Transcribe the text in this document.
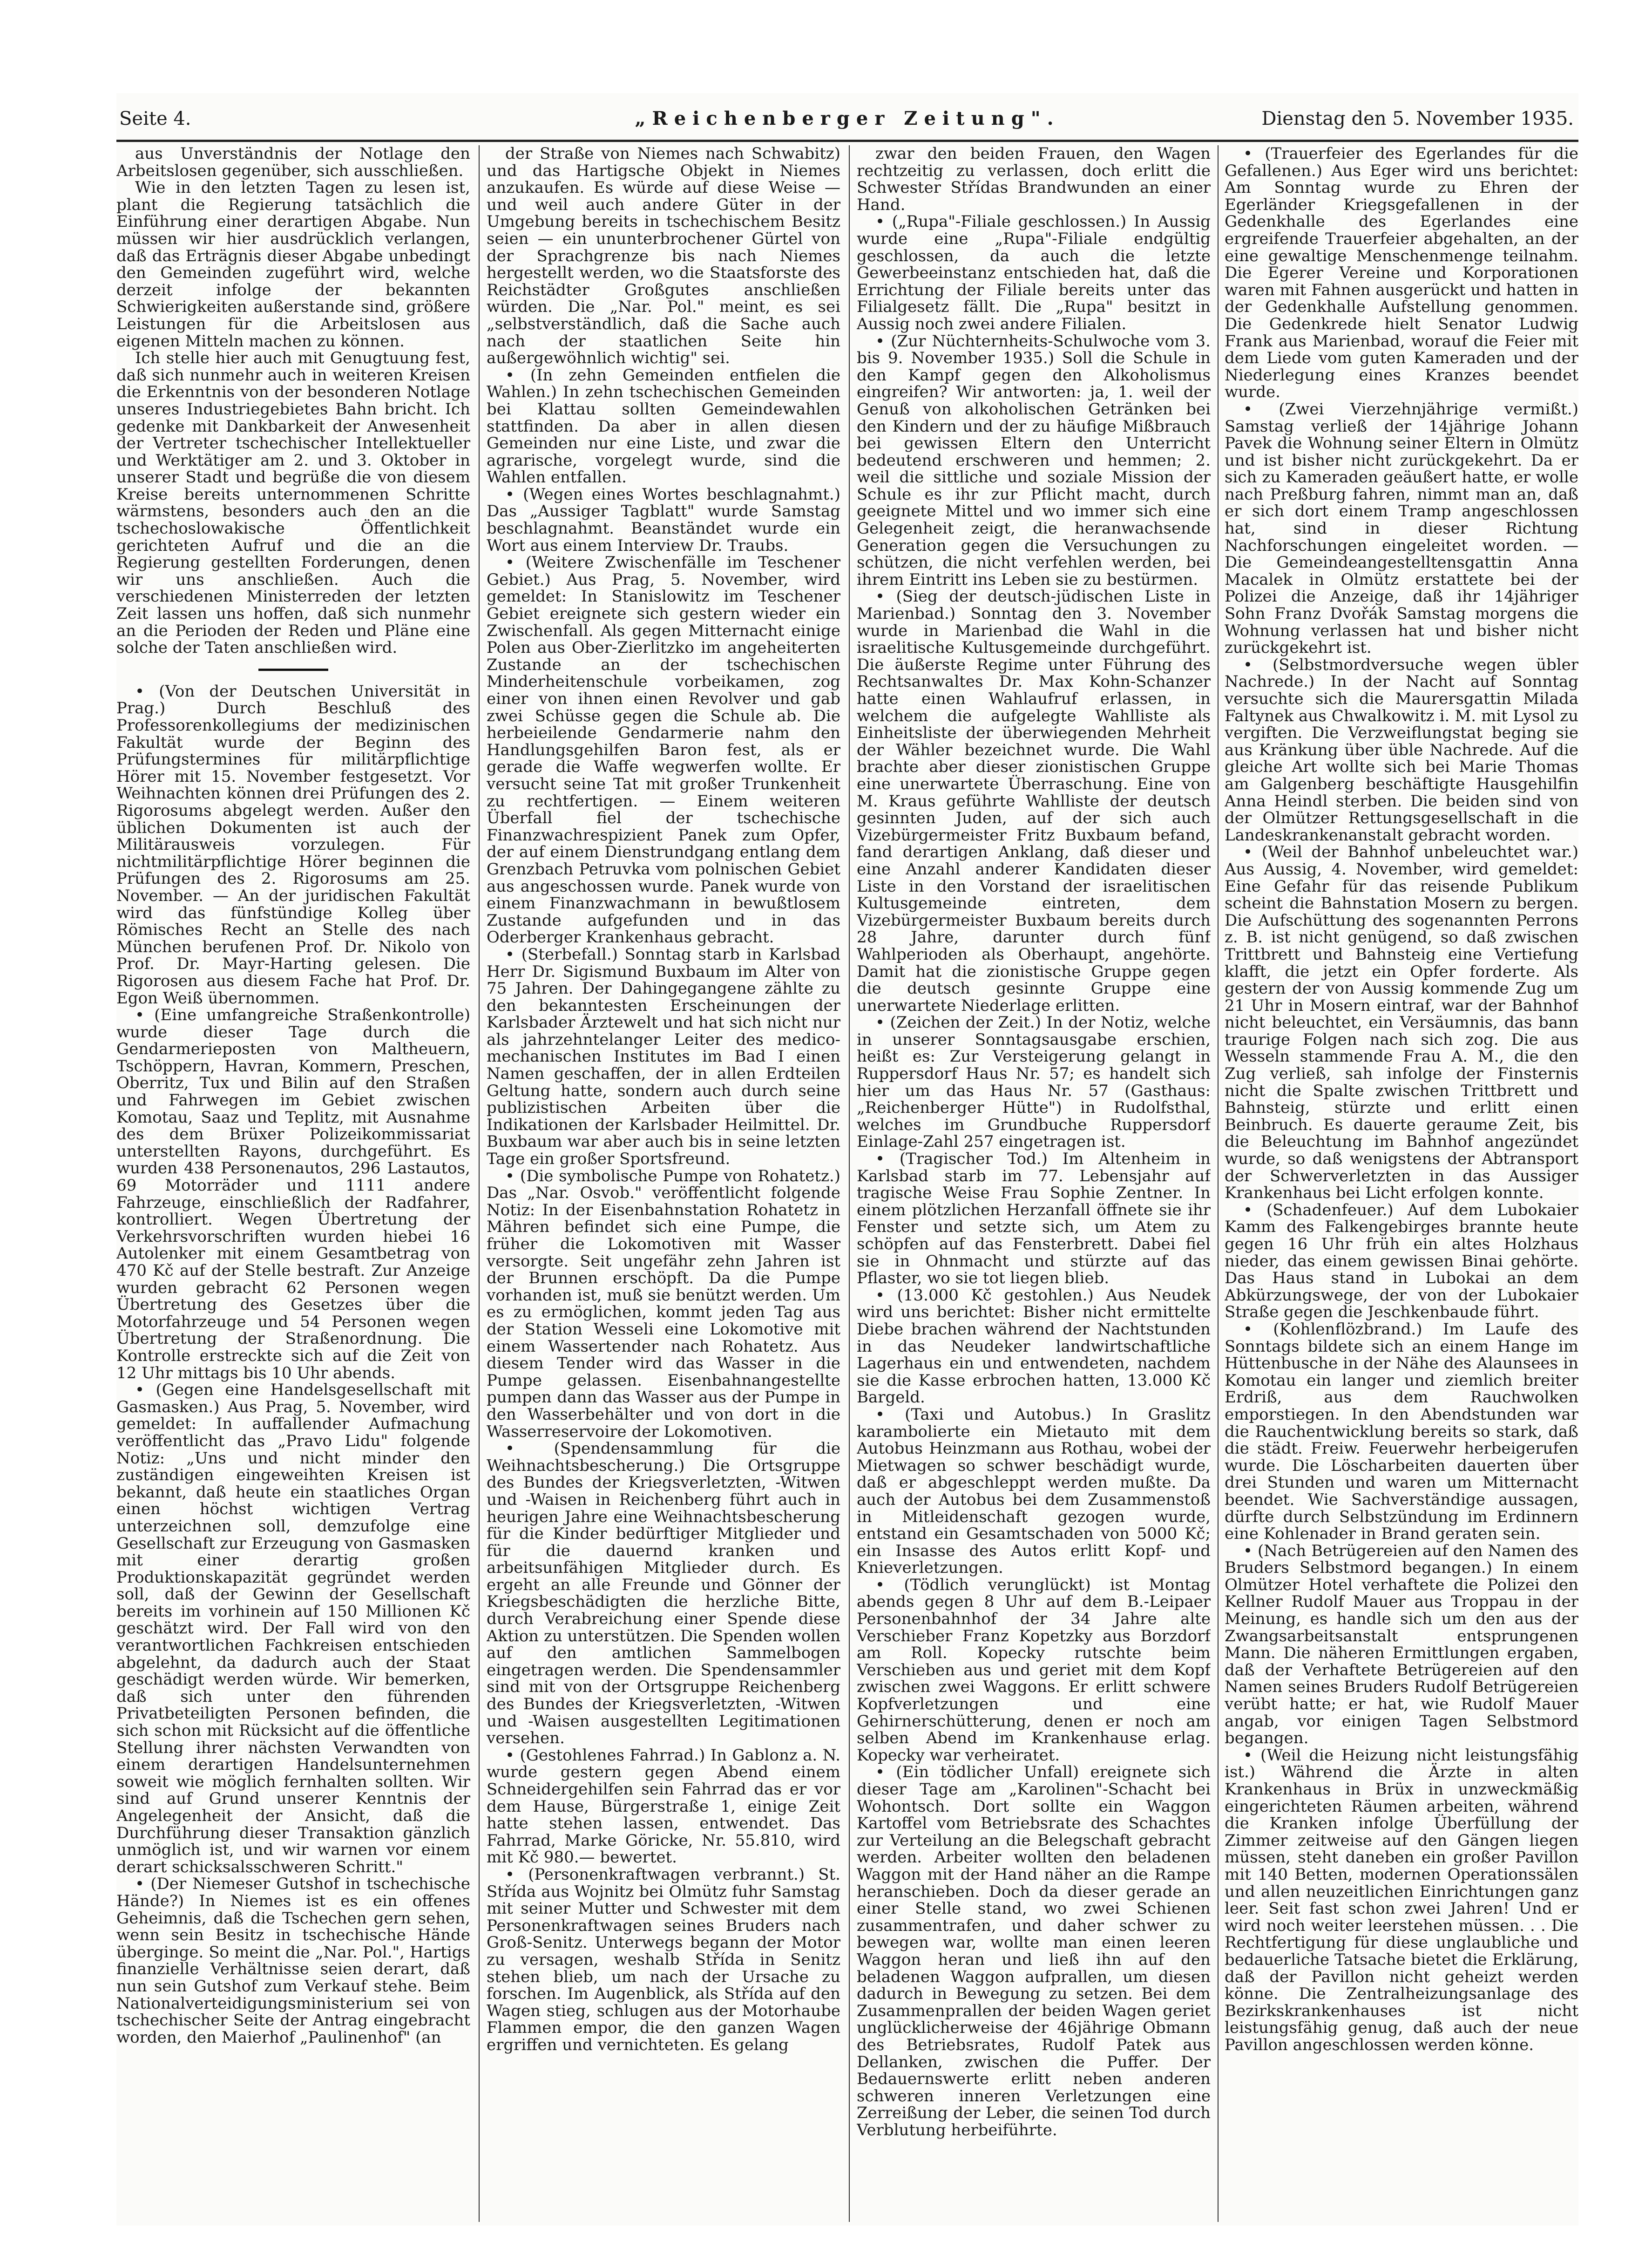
Seite 4.	„Reichenberger Zeitung".	Dienstag den 5. November 1935.

aus Unverständnis der Notlage den Arbeitslosen gegenüber, sich ausschließen.

Wie in den letzten Tagen zu lesen ist, plant die Regierung tatsächlich die Einführung einer derartigen Abgabe. Nun müssen wir hier ausdrücklich verlangen, daß das Erträgnis dieser Abgabe unbedingt den Gemeinden zugeführt wird, welche derzeit infolge der bekannten Schwierigkeiten außerstande sind, größere Leistungen für die Arbeitslosen aus eigenen Mitteln machen zu können.

Ich stelle hier auch mit Genugtuung fest, daß sich nunmehr auch in weiteren Kreisen die Erkenntnis von der besonderen Notlage unseres Industriegebietes Bahn bricht. Ich gedenke mit Dankbarkeit der Anwesenheit der Vertreter tschechischer Intellektueller und Werktätiger am 2. und 3. Oktober in unserer Stadt und begrüße die von diesem Kreise bereits unternommenen Schritte wärmstens, besonders auch den an die tschechoslowakische Öffentlichkeit gerichteten Aufruf und die an die Regierung gestellten Forderungen, denen wir uns anschließen. Auch die verschiedenen Ministerreden der letzten Zeit lassen uns hoffen, daß sich nunmehr an die Perioden der Reden und Pläne eine solche der Taten anschließen wird.

• (Von der Deutschen Universität in Prag.) Durch Beschluß des Professorenkollegiums der medizinischen Fakultät wurde der Beginn des Prüfungstermines für militärpflichtige Hörer mit 15. November festgesetzt. Vor Weihnachten können drei Prüfungen des 2. Rigorosums abgelegt werden. Außer den üblichen Dokumenten ist auch der Militärausweis vorzulegen. Für nichtmilitärpflichtige Hörer beginnen die Prüfungen des 2. Rigorosums am 25. November. — An der juridischen Fakultät wird das fünfstündige Kolleg über Römisches Recht an Stelle des nach München berufenen Prof. Dr. Nikolo von Prof. Dr. Mayr-Harting gelesen. Die Rigorosen aus diesem Fache hat Prof. Dr. Egon Weiß übernommen.

• (Eine umfangreiche Straßenkontrolle) wurde dieser Tage durch die Gendarmerieposten von Maltheuern, Tschöppern, Havran, Kommern, Preschen, Oberritz, Tux und Bilin auf den Straßen und Fahrwegen im Gebiet zwischen Komotau, Saaz und Teplitz, mit Ausnahme des dem Brüxer Polizeikommissariat unterstellten Rayons, durchgeführt. Es wurden 438 Personenautos, 296 Lastautos, 69 Motorräder und 1111 andere Fahrzeuge, einschließlich der Radfahrer, kontrolliert. Wegen Übertretung der Verkehrsvorschriften wurden hiebei 16 Autolenker mit einem Gesamtbetrag von 470 Kč auf der Stelle bestraft. Zur Anzeige wurden gebracht 62 Personen wegen Übertretung des Gesetzes über die Motorfahrzeuge und 54 Personen wegen Übertretung der Straßenordnung. Die Kontrolle erstreckte sich auf die Zeit von 12 Uhr mittags bis 10 Uhr abends.

• (Gegen eine Handelsgesellschaft mit Gasmasken.) Aus Prag, 5. November, wird gemeldet: In auffallender Aufmachung veröffentlicht das „Pravo Lidu" folgende Notiz: „Uns und nicht minder den zuständigen eingeweihten Kreisen ist bekannt, daß heute ein staatliches Organ einen höchst wichtigen Vertrag unterzeichnen soll, demzufolge eine Gesellschaft zur Erzeugung von Gasmasken mit einer derartig großen Produktionskapazität gegründet werden soll, daß der Gewinn der Gesellschaft bereits im vorhinein auf 150 Millionen Kč geschätzt wird. Der Fall wird von den verantwortlichen Fachkreisen entschieden abgelehnt, da dadurch auch der Staat geschädigt werden würde. Wir bemerken, daß sich unter den führenden Privatbeteiligten Personen befinden, die sich schon mit Rücksicht auf die öffentliche Stellung ihrer nächsten Verwandten von einem derartigen Handelsunternehmen soweit wie möglich fernhalten sollten. Wir sind auf Grund unserer Kenntnis der Angelegenheit der Ansicht, daß die Durchführung dieser Transaktion gänzlich unmöglich ist, und wir warnen vor einem derart schicksalsschweren Schritt."

• (Der Niemeser Gutshof in tschechische Hände?) In Niemes ist es ein offenes Geheimnis, daß die Tschechen gern sehen, wenn sein Besitz in tschechische Hände überginge. So meint die „Nar. Pol.", Hartigs finanzielle Verhältnisse seien derart, daß nun sein Gutshof zum Verkauf stehe. Beim Nationalverteidigungsministerium sei von tschechischer Seite der Antrag eingebracht worden, den Maierhof „Paulinenhof" (an

der Straße von Niemes nach Schwabitz) und das Hartigsche Objekt in Niemes anzukaufen. Es würde auf diese Weise — und weil auch andere Güter in der Umgebung bereits in tschechischem Besitz seien — ein ununterbrochener Gürtel von der Sprachgrenze bis nach Niemes hergestellt werden, wo die Staatsforste des Reichstädter Großgutes anschließen würden. Die „Nar. Pol." meint, es sei „selbstverständlich, daß die Sache auch nach der staatlichen Seite hin außergewöhnlich wichtig" sei.

• (In zehn Gemeinden entfielen die Wahlen.) In zehn tschechischen Gemeinden bei Klattau sollten Gemeindewahlen stattfinden. Da aber in allen diesen Gemeinden nur eine Liste, und zwar die agrarische, vorgelegt wurde, sind die Wahlen entfallen.

• (Wegen eines Wortes beschlagnahmt.) Das „Aussiger Tagblatt" wurde Samstag beschlagnahmt. Beanständet wurde ein Wort aus einem Interview Dr. Traubs.

• (Weitere Zwischenfälle im Teschener Gebiet.) Aus Prag, 5. November, wird gemeldet: In Stanislowitz im Teschener Gebiet ereignete sich gestern wieder ein Zwischenfall. Als gegen Mitternacht einige Polen aus Ober-Zierlitzko im angeheiterten Zustande an der tschechischen Minderheitenschule vorbeikamen, zog einer von ihnen einen Revolver und gab zwei Schüsse gegen die Schule ab. Die herbeieilende Gendarmerie nahm den Handlungsgehilfen Baron fest, als er gerade die Waffe wegwerfen wollte. Er versucht seine Tat mit großer Trunkenheit zu rechtfertigen. — Einem weiteren Überfall fiel der tschechische Finanzwachrespizient Panek zum Opfer, der auf einem Dienstrundgang entlang dem Grenzbach Petruvka vom polnischen Gebiet aus angeschossen wurde. Panek wurde von einem Finanzwachmann in bewußtlosem Zustande aufgefunden und in das Oderberger Krankenhaus gebracht.

• (Sterbefall.) Sonntag starb in Karlsbad Herr Dr. Sigismund Buxbaum im Alter von 75 Jahren. Der Dahingegangene zählte zu den bekanntesten Erscheinungen der Karlsbader Ärztewelt und hat sich nicht nur als jahrzehntelanger Leiter des medico-mechanischen Institutes im Bad I einen Namen geschaffen, der in allen Erdteilen Geltung hatte, sondern auch durch seine publizistischen Arbeiten über die Indikationen der Karlsbader Heilmittel. Dr. Buxbaum war aber auch bis in seine letzten Tage ein großer Sportsfreund.

• (Die symbolische Pumpe von Rohatetz.) Das „Nar. Osvob." veröffentlicht folgende Notiz: In der Eisenbahnstation Rohatetz in Mähren befindet sich eine Pumpe, die früher die Lokomotiven mit Wasser versorgte. Seit ungefähr zehn Jahren ist der Brunnen erschöpft. Da die Pumpe vorhanden ist, muß sie benützt werden. Um es zu ermöglichen, kommt jeden Tag aus der Station Wesseli eine Lokomotive mit einem Wassertender nach Rohatetz. Aus diesem Tender wird das Wasser in die Pumpe gelassen. Eisenbahnangestellte pumpen dann das Wasser aus der Pumpe in den Wasserbehälter und von dort in die Wasserreservoire der Lokomotiven.

• (Spendensammlung für die Weihnachtsbescherung.) Die Ortsgruppe des Bundes der Kriegsverletzten, -Witwen und -Waisen in Reichenberg führt auch in heurigen Jahre eine Weihnachtsbescherung für die Kinder bedürftiger Mitglieder und für die dauernd kranken und arbeitsunfähigen Mitglieder durch. Es ergeht an alle Freunde und Gönner der Kriegsbeschädigten die herzliche Bitte, durch Verabreichung einer Spende diese Aktion zu unterstützen. Die Spenden wollen auf den amtlichen Sammelbogen eingetragen werden. Die Spendensammler sind mit von der Ortsgruppe Reichenberg des Bundes der Kriegsverletzten, -Witwen und -Waisen ausgestellten Legitimationen versehen.

• (Gestohlenes Fahrrad.) In Gablonz a. N. wurde gestern gegen Abend einem Schneidergehilfen sein Fahrrad das er vor dem Hause, Bürgerstraße 1, einige Zeit hatte stehen lassen, entwendet. Das Fahrrad, Marke Göricke, Nr. 55.810, wird mit Kč 980.— bewertet.

• (Personenkraftwagen verbrannt.) St. Střída aus Wojnitz bei Olmütz fuhr Samstag mit seiner Mutter und Schwester mit dem Personenkraftwagen seines Bruders nach Groß-Senitz. Unterwegs begann der Motor zu versagen, weshalb Střída in Senitz stehen blieb, um nach der Ursache zu forschen. Im Augenblick, als Střída auf den Wagen stieg, schlugen aus der Motorhaube Flammen empor, die den ganzen Wagen ergriffen und vernichteten. Es gelang

zwar den beiden Frauen, den Wagen rechtzeitig zu verlassen, doch erlitt die Schwester Střídas Brandwunden an einer Hand.

• („Rupa"-Filiale geschlossen.) In Aussig wurde eine „Rupa"-Filiale endgültig geschlossen, da auch die letzte Gewerbeeinstanz entschieden hat, daß die Errichtung der Filiale bereits unter das Filialgesetz fällt. Die „Rupa" besitzt in Aussig noch zwei andere Filialen.

• (Zur Nüchternheits-Schulwoche vom 3. bis 9. November 1935.) Soll die Schule in den Kampf gegen den Alkoholismus eingreifen? Wir antworten: ja, 1. weil der Genuß von alkoholischen Getränken bei den Kindern und der zu häufige Mißbrauch bei gewissen Eltern den Unterricht bedeutend erschweren und hemmen; 2. weil die sittliche und soziale Mission der Schule es ihr zur Pflicht macht, durch geeignete Mittel und wo immer sich eine Gelegenheit zeigt, die heranwachsende Generation gegen die Versuchungen zu schützen, die nicht verfehlen werden, bei ihrem Eintritt ins Leben sie zu bestürmen.

• (Sieg der deutsch-jüdischen Liste in Marienbad.) Sonntag den 3. November wurde in Marienbad die Wahl in die israelitische Kultusgemeinde durchgeführt. Die äußerste Regime unter Führung des Rechtsanwaltes Dr. Max Kohn-Schanzer hatte einen Wahlaufruf erlassen, in welchem die aufgelegte Wahlliste als Einheitsliste der überwiegenden Mehrheit der Wähler bezeichnet wurde. Die Wahl brachte aber dieser zionistischen Gruppe eine unerwartete Überraschung. Eine von M. Kraus geführte Wahlliste der deutsch gesinnten Juden, auf der sich auch Vizebürgermeister Fritz Buxbaum befand, fand derartigen Anklang, daß dieser und eine Anzahl anderer Kandidaten dieser Liste in den Vorstand der israelitischen Kultusgemeinde eintreten, dem Vizebürgermeister Buxbaum bereits durch 28 Jahre, darunter durch fünf Wahlperioden als Oberhaupt, angehörte. Damit hat die zionistische Gruppe gegen die deutsch gesinnte Gruppe eine unerwartete Niederlage erlitten.

• (Zeichen der Zeit.) In der Notiz, welche in unserer Sonntagsausgabe erschien, heißt es: Zur Versteigerung gelangt in Ruppersdorf Haus Nr. 57; es handelt sich hier um das Haus Nr. 57 (Gasthaus: „Reichenberger Hütte") in Rudolfsthal, welches im Grundbuche Ruppersdorf Einlage-Zahl 257 eingetragen ist.

• (Tragischer Tod.) Im Altenheim in Karlsbad starb im 77. Lebensjahr auf tragische Weise Frau Sophie Zentner. In einem plötzlichen Herzanfall öffnete sie ihr Fenster und setzte sich, um Atem zu schöpfen auf das Fensterbrett. Dabei fiel sie in Ohnmacht und stürzte auf das Pflaster, wo sie tot liegen blieb.

• (13.000 Kč gestohlen.) Aus Neudek wird uns berichtet: Bisher nicht ermittelte Diebe brachen während der Nachtstunden in das Neudeker landwirtschaftliche Lagerhaus ein und entwendeten, nachdem sie die Kasse erbrochen hatten, 13.000 Kč Bargeld.

• (Taxi und Autobus.) In Graslitz karambolierte ein Mietauto mit dem Autobus Heinzmann aus Rothau, wobei der Mietwagen so schwer beschädigt wurde, daß er abgeschleppt werden mußte. Da auch der Autobus bei dem Zusammenstoß in Mitleidenschaft gezogen wurde, entstand ein Gesamtschaden von 5000 Kč; ein Insasse des Autos erlitt Kopf- und Knieverletzungen.

• (Tödlich verunglückt) ist Montag abends gegen 8 Uhr auf dem B.-Leipaer Personenbahnhof der 34 Jahre alte Verschieber Franz Kopetzky aus Borzdorf am Roll. Kopecky rutschte beim Verschieben aus und geriet mit dem Kopf zwischen zwei Waggons. Er erlitt schwere Kopfverletzungen und eine Gehirnerschütterung, denen er noch am selben Abend im Krankenhause erlag. Kopecky war verheiratet.

• (Ein tödlicher Unfall) ereignete sich dieser Tage am „Karolinen"-Schacht bei Wohontsch. Dort sollte ein Waggon Kartoffel vom Betriebsrate des Schachtes zur Verteilung an die Belegschaft gebracht werden. Arbeiter wollten den beladenen Waggon mit der Hand näher an die Rampe heranschieben. Doch da dieser gerade an einer Stelle stand, wo zwei Schienen zusammentrafen, und daher schwer zu bewegen war, wollte man einen leeren Waggon heran und ließ ihn auf den beladenen Waggon aufprallen, um diesen dadurch in Bewegung zu setzen. Bei dem Zusammenprallen der beiden Wagen geriet unglücklicherweise der 46jährige Obmann des Betriebsrates, Rudolf Patek aus Dellanken, zwischen die Puffer. Der Bedauernswerte erlitt neben anderen schweren inneren Verletzungen eine Zerreißung der Leber, die seinen Tod durch Verblutung herbeiführte.

• (Trauerfeier des Egerlandes für die Gefallenen.) Aus Eger wird uns berichtet: Am Sonntag wurde zu Ehren der Egerländer Kriegsgefallenen in der Gedenkhalle des Egerlandes eine ergreifende Trauerfeier abgehalten, an der eine gewaltige Menschenmenge teilnahm. Die Egerer Vereine und Korporationen waren mit Fahnen ausgerückt und hatten in der Gedenkhalle Aufstellung genommen. Die Gedenkrede hielt Senator Ludwig Frank aus Marienbad, worauf die Feier mit dem Liede vom guten Kameraden und der Niederlegung eines Kranzes beendet wurde.

• (Zwei Vierzehnjährige vermißt.) Samstag verließ der 14jährige Johann Pavek die Wohnung seiner Eltern in Olmütz und ist bisher nicht zurückgekehrt. Da er sich zu Kameraden geäußert hatte, er wolle nach Preßburg fahren, nimmt man an, daß er sich dort einem Tramp angeschlossen hat, sind in dieser Richtung Nachforschungen eingeleitet worden. — Die Gemeindeangestelltensgattin Anna Macalek in Olmütz erstattete bei der Polizei die Anzeige, daß ihr 14jähriger Sohn Franz Dvořák Samstag morgens die Wohnung verlassen hat und bisher nicht zurückgekehrt ist.

• (Selbstmordversuche wegen übler Nachrede.) In der Nacht auf Sonntag versuchte sich die Maurersgattin Milada Faltynek aus Chwalkowitz i. M. mit Lysol zu vergiften. Die Verzweiflungstat beging sie aus Kränkung über üble Nachrede. Auf die gleiche Art wollte sich bei Marie Thomas am Galgenberg beschäftigte Hausgehilfin Anna Heindl sterben. Die beiden sind von der Olmützer Rettungsgesellschaft in die Landeskrankenanstalt gebracht worden.

• (Weil der Bahnhof unbeleuchtet war.) Aus Aussig, 4. November, wird gemeldet: Eine Gefahr für das reisende Publikum scheint die Bahnstation Mosern zu bergen. Die Aufschüttung des sogenannten Perrons z. B. ist nicht genügend, so daß zwischen Trittbrett und Bahnsteig eine Vertiefung klafft, die jetzt ein Opfer forderte. Als gestern der von Aussig kommende Zug um 21 Uhr in Mosern eintraf, war der Bahnhof nicht beleuchtet, ein Versäumnis, das bann traurige Folgen nach sich zog. Die aus Wesseln stammende Frau A. M., die den Zug verließ, sah infolge der Finsternis nicht die Spalte zwischen Trittbrett und Bahnsteig, stürzte und erlitt einen Beinbruch. Es dauerte geraume Zeit, bis die Beleuchtung im Bahnhof angezündet wurde, so daß wenigstens der Abtransport der Schwerverletzten in das Aussiger Krankenhaus bei Licht erfolgen konnte.

• (Schadenfeuer.) Auf dem Lubokaier Kamm des Falkengebirges brannte heute gegen 16 Uhr früh ein altes Holzhaus nieder, das einem gewissen Binai gehörte. Das Haus stand in Lubokai an dem Abkürzungswege, der von der Lubokaier Straße gegen die Jeschkenbaude führt.

• (Kohlenflözbrand.) Im Laufe des Sonntags bildete sich an einem Hange im Hüttenbusche in der Nähe des Alaunsees in Komotau ein langer und ziemlich breiter Erdriß, aus dem Rauchwolken emporstiegen. In den Abendstunden war die Rauchentwicklung bereits so stark, daß die städt. Freiw. Feuerwehr herbeigerufen wurde. Die Löscharbeiten dauerten über drei Stunden und waren um Mitternacht beendet. Wie Sachverständige aussagen, dürfte durch Selbstzündung im Erdinnern eine Kohlenader in Brand geraten sein.

• (Nach Betrügereien auf den Namen des Bruders Selbstmord begangen.) In einem Olmützer Hotel verhaftete die Polizei den Kellner Rudolf Mauer aus Troppau in der Meinung, es handle sich um den aus der Zwangsarbeitsanstalt entsprungenen Mann. Die näheren Ermittlungen ergaben, daß der Verhaftete Betrügereien auf den Namen seines Bruders Rudolf Betrügereien verübt hatte; er hat, wie Rudolf Mauer angab, vor einigen Tagen Selbstmord begangen.

• (Weil die Heizung nicht leistungsfähig ist.) Während die Ärzte in alten Krankenhaus in Brüx in unzweckmäßig eingerichteten Räumen arbeiten, während die Kranken infolge Überfüllung der Zimmer zeitweise auf den Gängen liegen müssen, steht daneben ein großer Pavillon mit 140 Betten, modernen Operationssälen und allen neuzeitlichen Einrichtungen ganz leer. Seit fast schon zwei Jahren! Und er wird noch weiter leerstehen müssen. . . Die Rechtfertigung für diese unglaubliche und bedauerliche Tatsache bietet die Erklärung, daß der Pavillon nicht geheizt werden könne. Die Zentralheizungsanlage des Bezirkskrankenhauses ist nicht leistungsfähig genug, daß auch der neue Pavillon angeschlossen werden könne.
